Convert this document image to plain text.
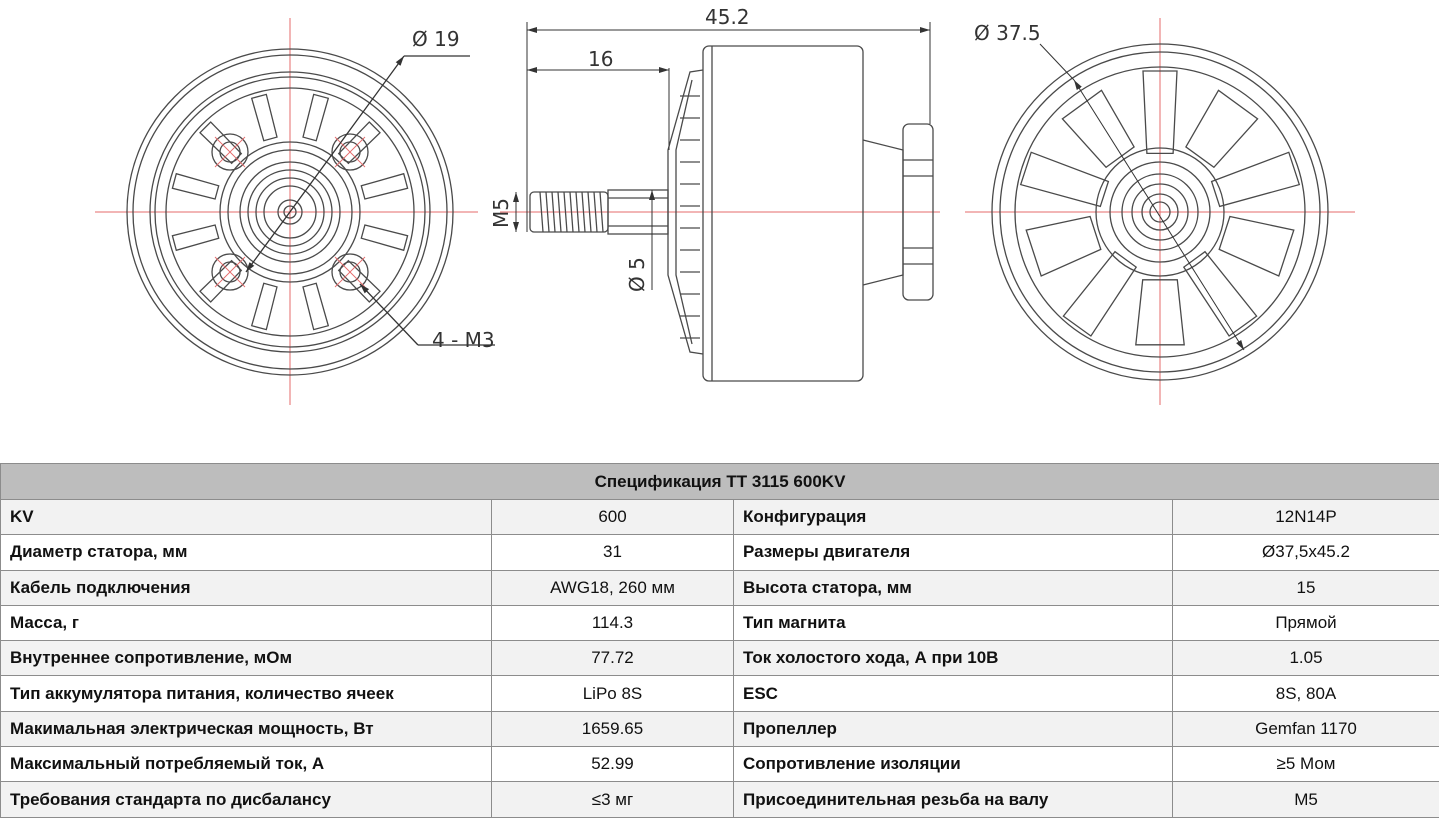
Ø 19
4 - M3
45.2
16
M5
Ø 5
Ø 37.5
Спецификация TT 3115 600KV			
KV	600	Конфигурация	12N14P
Диаметр статора, мм	31	Размеры двигателя	Ø37,5x45.2
Кабель подключения	AWG18, 260 мм	Высота статора, мм	15
Масса, г	114.3	Тип магнита	Прямой
Внутреннее сопротивление, мОм	77.72	Ток холостого хода, А при 10В	1.05
Тип аккумулятора питания, количество ячеек	LiPo 8S	ESC	8S, 80A
Макимальная электрическая мощность, Вт	1659.65	Пропеллер	Gemfan 1170
Максимальный потребляемый ток, А	52.99	Сопротивление изоляции	≥5 Мом
Требования стандарта по дисбалансу	≤3 мг	Присоединительная резьба на валу	M5
